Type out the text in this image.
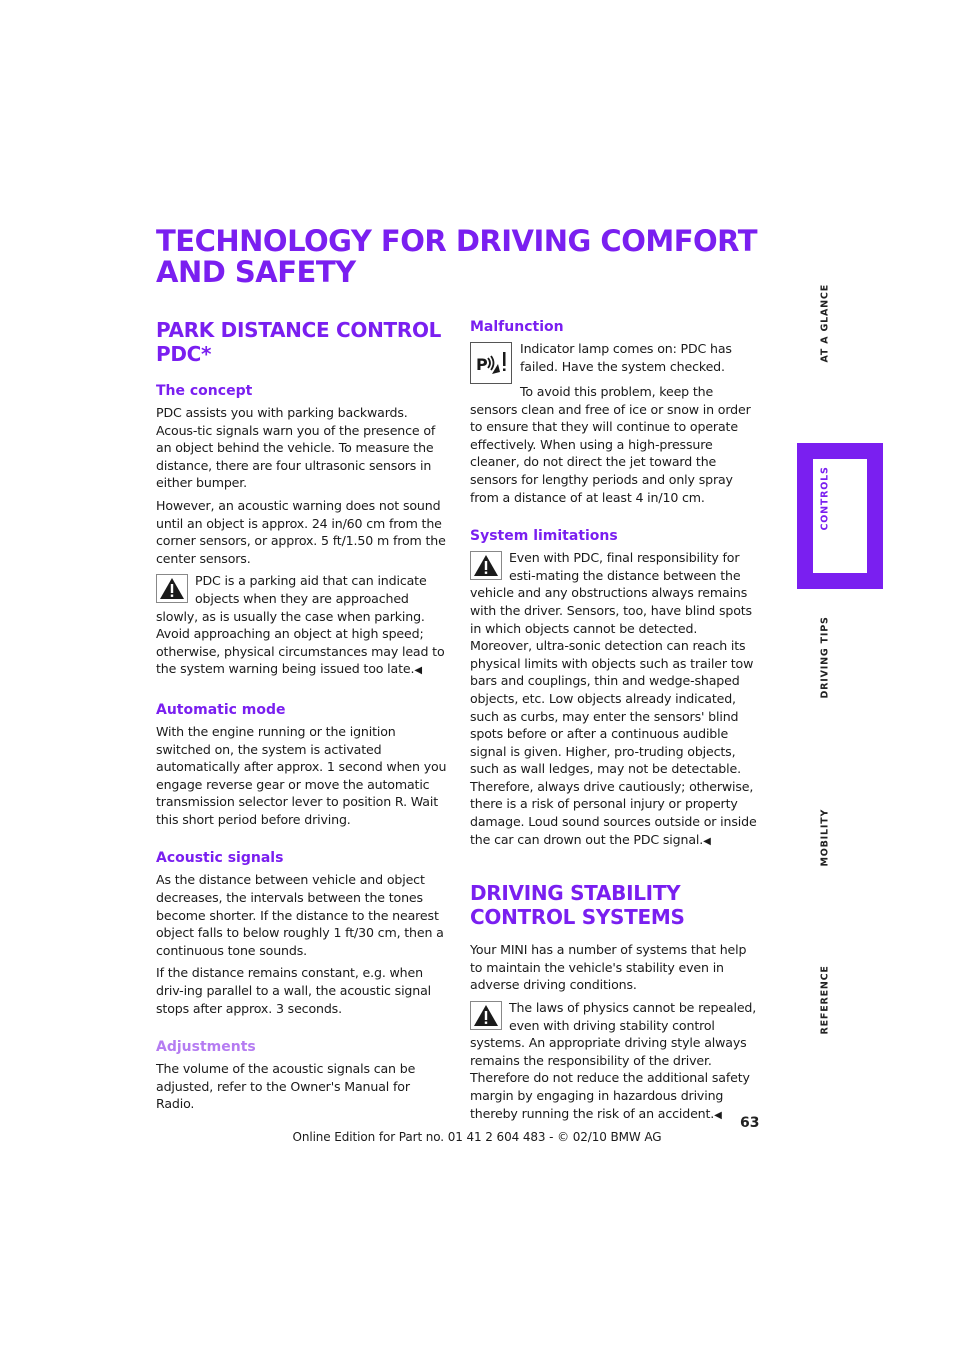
TECHNOLOGY FOR DRIVING COMFORT AND SAFETY
PARK DISTANCE CONTROL PDC*
The concept

PDC assists you with parking backwards. Acous-tic signals warn you of the presence of an object behind the vehicle. To measure the distance, there are four ultrasonic sensors in either bumper.

However, an acoustic warning does not sound until an object is approx. 24 in/60 cm from the corner sensors, or approx. 5 ft/1.50 m from the center sensors.

PDC is a parking aid that can indicate objects when they are approached slowly, as is usually the case when parking. Avoid approaching an object at high speed; otherwise, physical circumstances may lead to the system warning being issued too late.◀

Automatic mode

With the engine running or the ignition switched on, the system is activated automatically after approx. 1 second when you engage reverse gear or move the automatic transmission selector lever to position R. Wait this short period before driving.

Acoustic signals

As the distance between vehicle and object decreases, the intervals between the tones become shorter. If the distance to the nearest object falls to below roughly 1 ft/30 cm, then a continuous tone sounds.

If the distance remains constant, e.g. when driv-ing parallel to a wall, the acoustic signal stops after approx. 3 seconds.

Adjustments

The volume of the acoustic signals can be adjusted, refer to the Owner's Manual for Radio.

Malfunction

P
Indicator lamp comes on: PDC has failed. Have the system checked.

To avoid this problem, keep the sensors clean and free of ice or snow in order to ensure that they will continue to operate effectively. When using a high-pressure cleaner, do not direct the jet toward the sensors for lengthy periods and only spray from a distance of at least 4 in/10 cm.

System limitations

Even with PDC, final responsibility for esti-mating the distance between the vehicle and any obstructions always remains with the driver. Sensors, too, have blind spots in which objects cannot be detected. Moreover, ultra-sonic detection can reach its physical limits with objects such as trailer tow bars and couplings, thin and wedge-shaped objects, etc. Low objects already indicated, such as curbs, may enter the sensors' blind spots before or after a continuous audible signal is given. Higher, pro-truding objects, such as wall ledges, may not be detectable. Therefore, always drive cautiously; otherwise, there is a risk of personal injury or property damage. Loud sound sources outside or inside the car can drown out the PDC signal.◀

DRIVING STABILITY CONTROL SYSTEMS

Your MINI has a number of systems that help to maintain the vehicle's stability even in adverse driving conditions.

The laws of physics cannot be repealed, even with driving stability control systems. An appropriate driving style always remains the responsibility of the driver. Therefore do not reduce the additional safety margin by engaging in hazardous driving thereby running the risk of an accident.◀

AT A GLANCE
DRIVING TIPS
MOBILITY
REFERENCE
63
Online Edition for Part no. 01 41 2 604 483 - © 02/10 BMW AG
